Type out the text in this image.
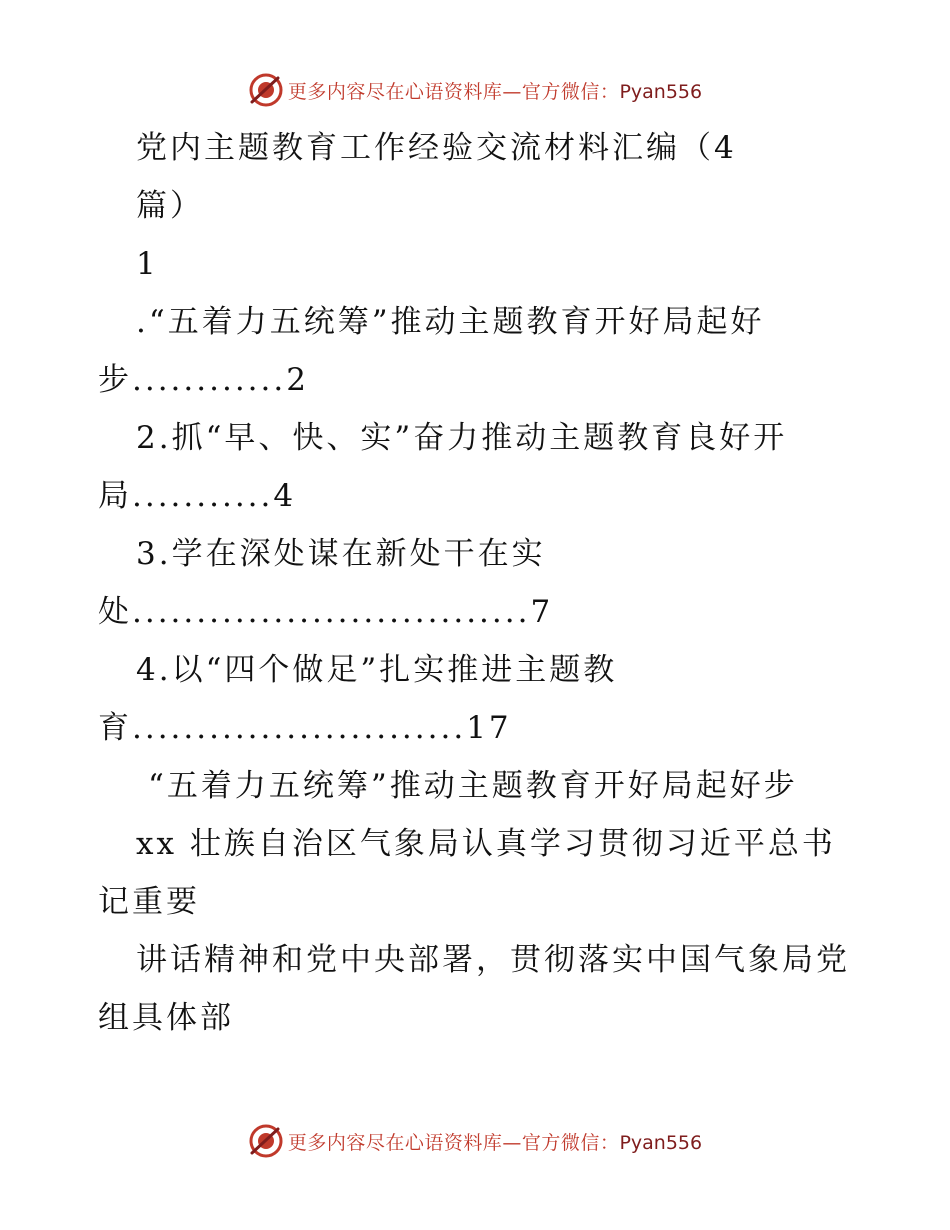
更多内容尽在心语资料库—官方微信：Pyan556
党内主题教育工作经验交流材料汇编（4
篇）
1
.“五着力五统筹”推动主题教育开好局起好
步............2
2.抓“早、快、实”奋力推动主题教育良好开
局...........4
3.学在深处谋在新处干在实
处...............................7
4.以“四个做足”扎实推进主题教
育..........................17
“五着力五统筹”推动主题教育开好局起好步
xx 壮族自治区气象局认真学习贯彻习近平总书
记重要
讲话精神和党中央部署，贯彻落实中国气象局党
组具体部
更多内容尽在心语资料库—官方微信：Pyan556
